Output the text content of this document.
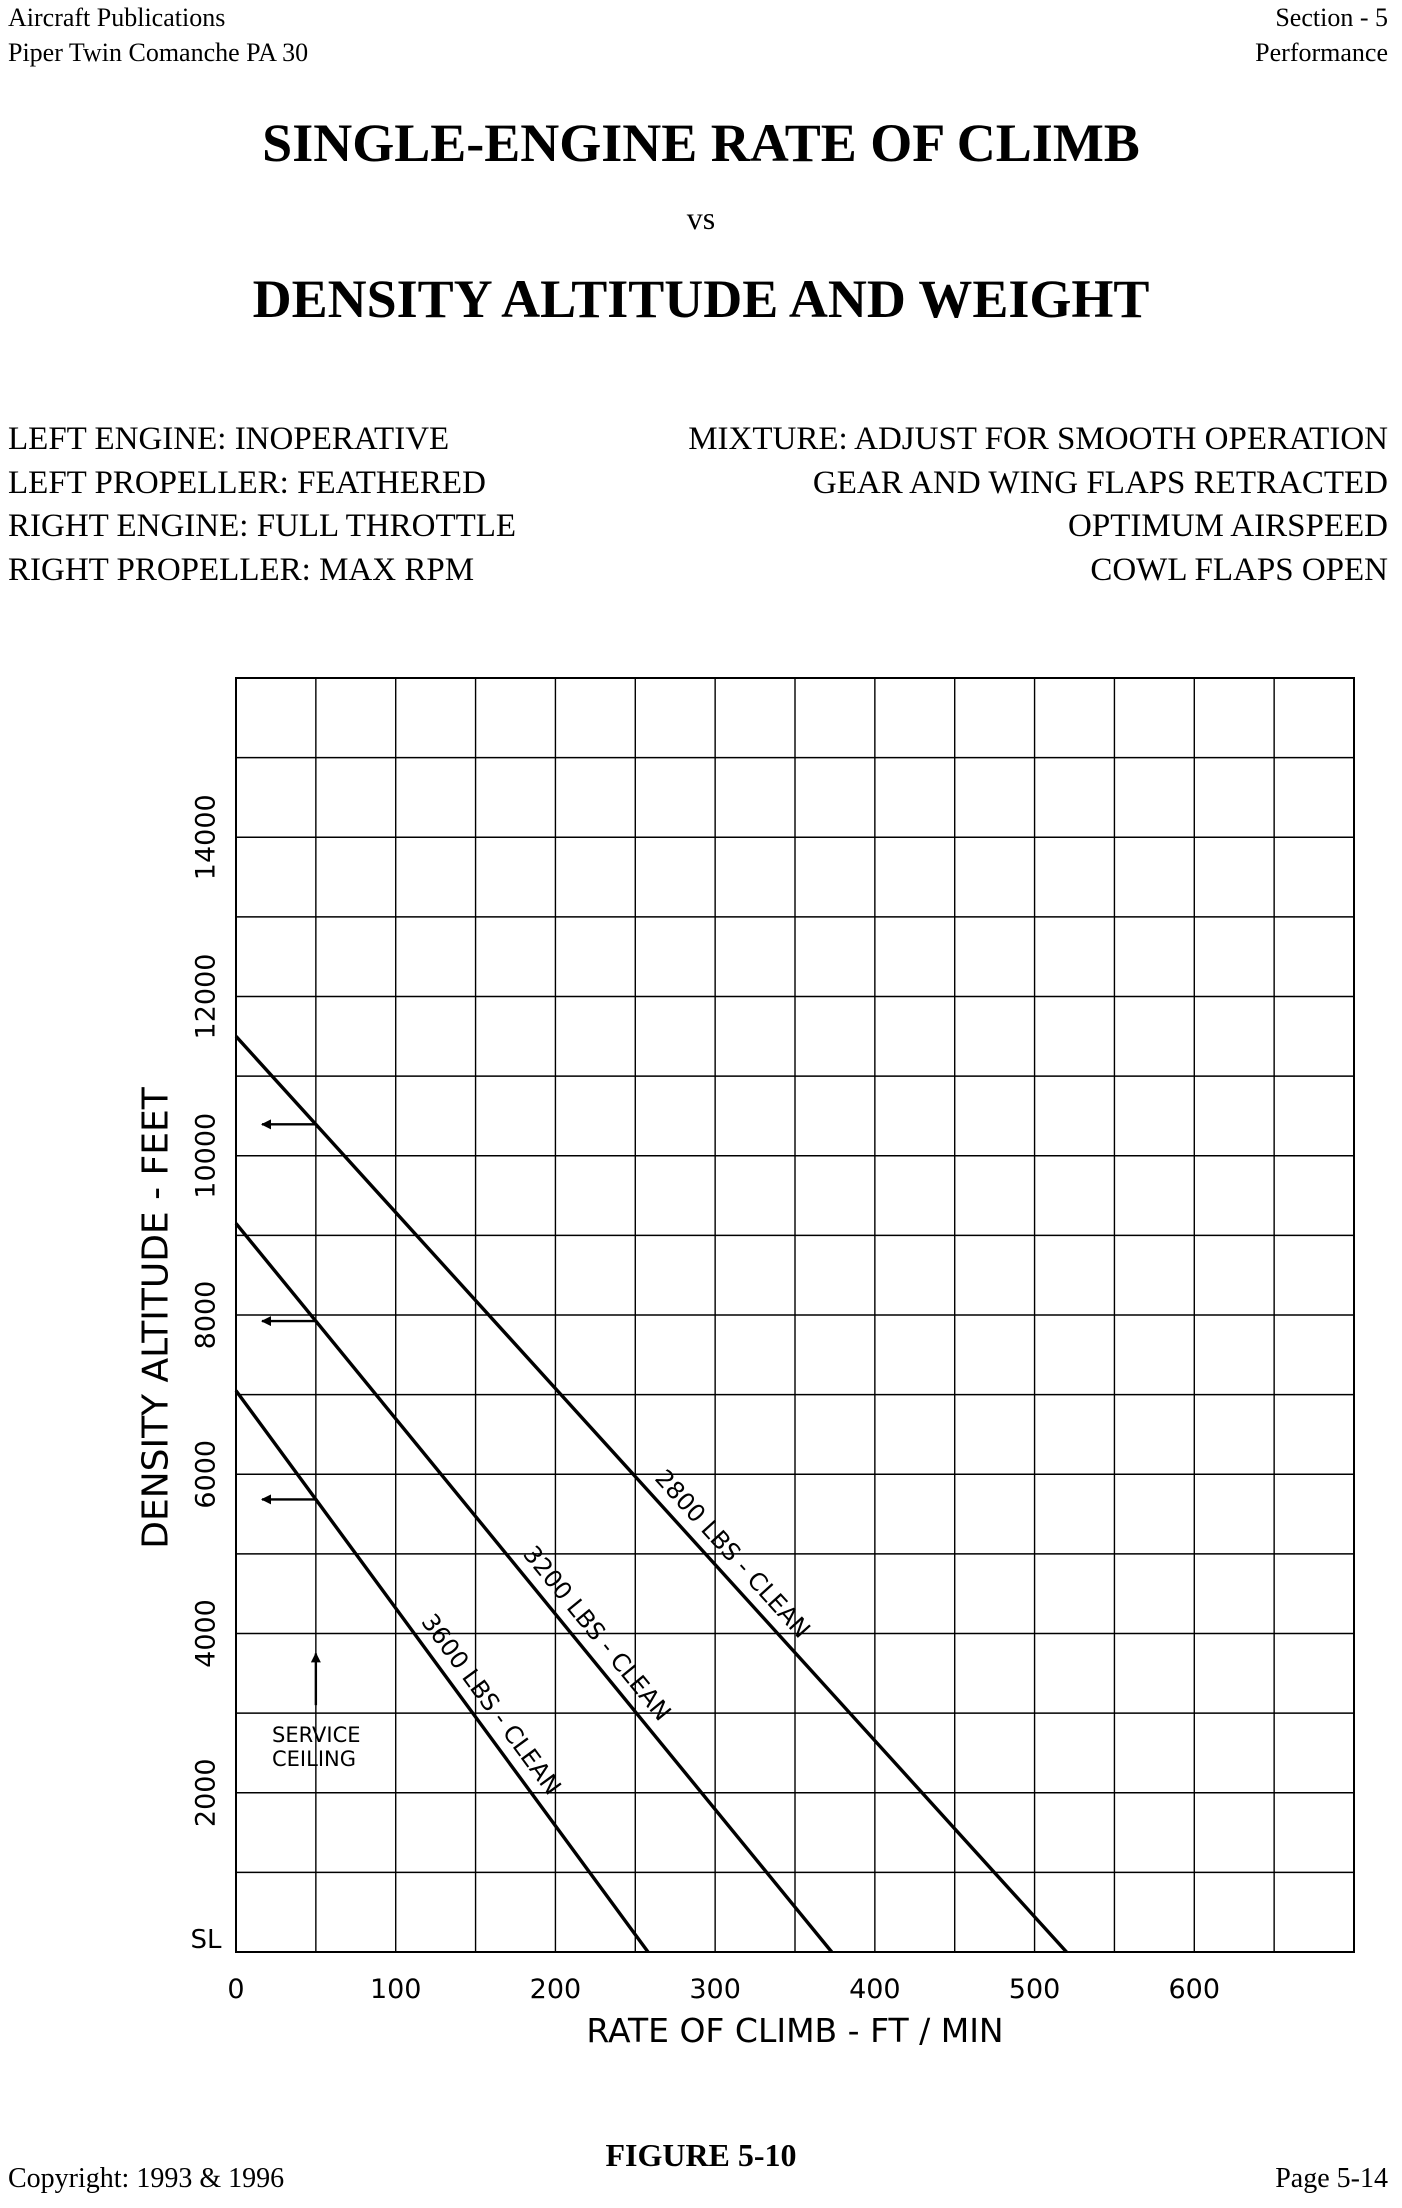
Aircraft Publications
Piper Twin Comanche PA 30
Section - 5
Performance
SINGLE-ENGINE RATE OF CLIMB
vs
DENSITY ALTITUDE AND WEIGHT
LEFT ENGINE: INOPERATIVE
LEFT PROPELLER: FEATHERED
RIGHT ENGINE: FULL THROTTLE
RIGHT PROPELLER: MAX RPM
MIXTURE: ADJUST FOR SMOOTH OPERATION
GEAR AND WING FLAPS RETRACTED
OPTIMUM AIRSPEED
COWL FLAPS OPEN
3600 LBS - CLEAN
3200 LBS - CLEAN
2800 LBS - CLEAN
SERVICE
CEILING
0	100	200	300	400	500	600
SL
2000
4000
6000
8000
10000
12000
14000
RATE OF CLIMB - FT / MIN
DENSITY ALTITUDE - FEET
FIGURE 5-10
Copyright: 1993 & 1996	Page 5-14
